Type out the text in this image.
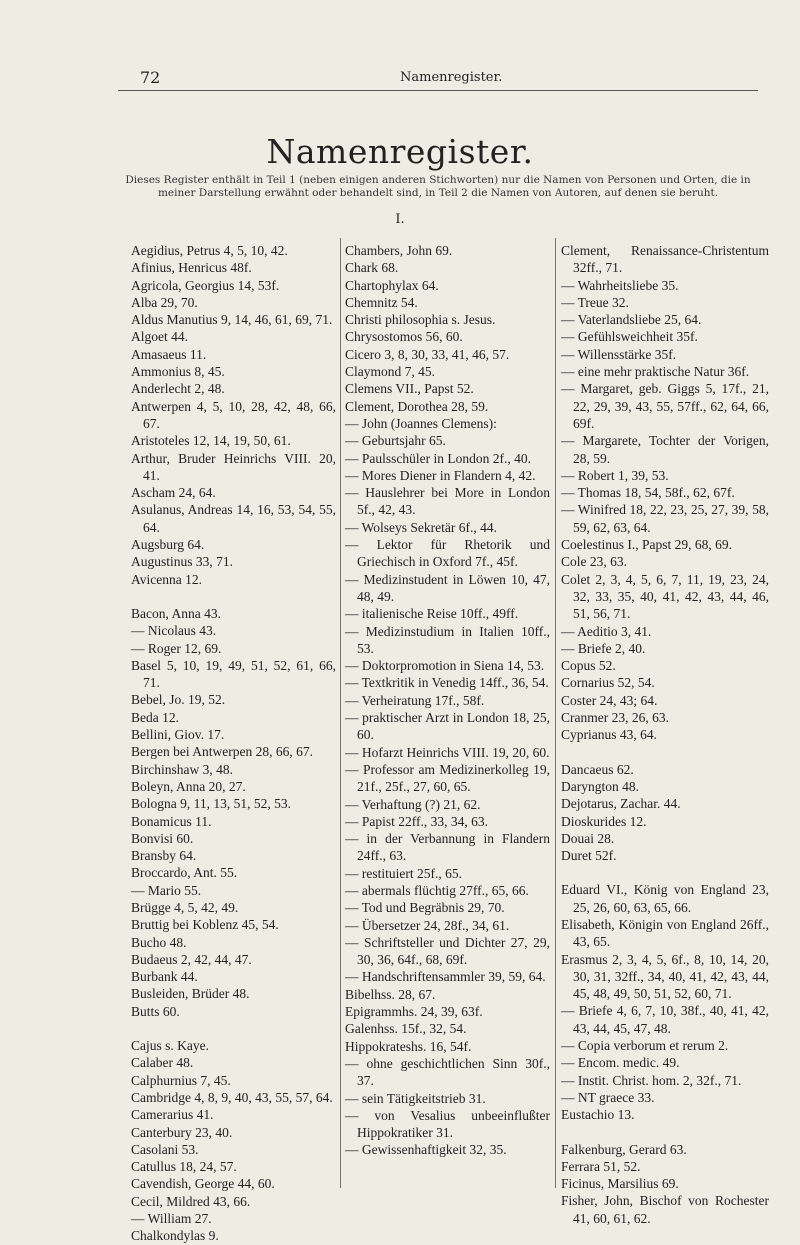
72	Namenregister.
Namenregister.
Dieses Register enthält in Teil 1 (neben einigen anderen Stichworten) nur die Namen von Personen und Orten, die in meiner Darstellung erwähnt oder behandelt sind, in Teil 2 die Namen von Autoren, auf denen sie beruht.
I.
Aegidius, Petrus 4, 5, 10, 42.
Afinius, Henricus 48f.
Agricola, Georgius 14, 53f.
Alba 29, 70.
Aldus Manutius 9, 14, 46, 61, 69, 71.
Algoet 44.
Amasaeus 11.
Ammonius 8, 45.
Anderlecht 2, 48.
Antwerpen 4, 5, 10, 28, 42, 48, 66, 67.
Aristoteles 12, 14, 19, 50, 61.
Arthur, Bruder Heinrichs VIII. 20, 41.
Ascham 24, 64.
Asulanus, Andreas 14, 16, 53, 54, 55, 64.
Augsburg 64.
Augustinus 33, 71.
Avicenna 12.
Bacon, Anna 43.
— Nicolaus 43.
— Roger 12, 69.
Basel 5, 10, 19, 49, 51, 52, 61, 66, 71.
Bebel, Jo. 19, 52.
Beda 12.
Bellini, Giov. 17.
Bergen bei Antwerpen 28, 66, 67.
Birchinshaw 3, 48.
Boleyn, Anna 20, 27.
Bologna 9, 11, 13, 51, 52, 53.
Bonamicus 11.
Bonvisi 60.
Bransby 64.
Broccardo, Ant. 55.
— Mario 55.
Brügge 4, 5, 42, 49.
Bruttig bei Koblenz 45, 54.
Bucho 48.
Budaeus 2, 42, 44, 47.
Burbank 44.
Busleiden, Brüder 48.
Butts 60.
Cajus s. Kaye.
Calaber 48.
Calphurnius 7, 45.
Cambridge 4, 8, 9, 40, 43, 55, 57, 64.
Camerarius 41.
Canterbury 23, 40.
Casolani 53.
Catullus 18, 24, 57.
Cavendish, George 44, 60.
Cecil, Mildred 43, 66.
— William 27.
Chalkondylas 9.
Chambers, John 69.
Chark 68.
Chartophylax 64.
Chemnitz 54.
Christi philosophia s. Jesus.
Chrysostomos 56, 60.
Cicero 3, 8, 30, 33, 41, 46, 57.
Claymond 7, 45.
Clemens VII., Papst 52.
Clement, Dorothea 28, 59.
— John (Joannes Clemens):
— Geburtsjahr 65.
— Paulsschüler in London 2f., 40.
— Mores Diener in Flandern 4, 42.
— Hauslehrer bei More in London 5f., 42, 43.
— Wolseys Sekretär 6f., 44.
— Lektor für Rhetorik und Griechisch in Oxford 7f., 45f.
— Medizinstudent in Löwen 10, 47, 48, 49.
— italienische Reise 10ff., 49ff.
— Medizinstudium in Italien 10ff., 53.
— Doktorpromotion in Siena 14, 53.
— Textkritik in Venedig 14ff., 36, 54.
— Verheiratung 17f., 58f.
— praktischer Arzt in London 18, 25, 60.
— Hofarzt Heinrichs VIII. 19, 20, 60.
— Professor am Medizinerkolleg 19, 21f., 25f., 27, 60, 65.
— Verhaftung (?) 21, 62.
— Papist 22ff., 33, 34, 63.
— in der Verbannung in Flandern 24ff., 63.
— restituiert 25f., 65.
— abermals flüchtig 27ff., 65, 66.
— Tod und Begräbnis 29, 70.
— Übersetzer 24, 28f., 34, 61.
— Schriftsteller und Dichter 27, 29, 30, 36, 64f., 68, 69f.
— Handschriftensammler 39, 59, 64.
Bibelhss. 28, 67.
Epigrammhs. 24, 39, 63f.
Galenhss. 15f., 32, 54.
Hippokrateshs. 16, 54f.
— ohne geschichtlichen Sinn 30f., 37.
— sein Tätigkeitstrieb 31.
— von Vesalius unbeeinflußter Hippokratiker 31.
— Gewissenhaftigkeit 32, 35.
Clement, Renaissance-Christentum 32ff., 71.
— Wahrheitsliebe 35.
— Treue 32.
— Vaterlandsliebe 25, 64.
— Gefühlsweichheit 35f.
— Willensstärke 35f.
— eine mehr praktische Natur 36f.
— Margaret, geb. Giggs 5, 17f., 21, 22, 29, 39, 43, 55, 57ff., 62, 64, 66, 69f.
— Margarete, Tochter der Vorigen, 28, 59.
— Robert 1, 39, 53.
— Thomas 18, 54, 58f., 62, 67f.
— Winifred 18, 22, 23, 25, 27, 39, 58, 59, 62, 63, 64.
Coelestinus I., Papst 29, 68, 69.
Cole 23, 63.
Colet 2, 3, 4, 5, 6, 7, 11, 19, 23, 24, 32, 33, 35, 40, 41, 42, 43, 44, 46, 51, 56, 71.
— Aeditio 3, 41.
— Briefe 2, 40.
Copus 52.
Cornarius 52, 54.
Coster 24, 43; 64.
Cranmer 23, 26, 63.
Cyprianus 43, 64.
Dancaeus 62.
Daryngton 48.
Dejotarus, Zachar. 44.
Dioskurides 12.
Douai 28.
Duret 52f.
Eduard VI., König von England 23, 25, 26, 60, 63, 65, 66.
Elisabeth, Königin von England 26ff., 43, 65.
Erasmus 2, 3, 4, 5, 6f., 8, 10, 14, 20, 30, 31, 32ff., 34, 40, 41, 42, 43, 44, 45, 48, 49, 50, 51, 52, 60, 71.
— Briefe 4, 6, 7, 10, 38f., 40, 41, 42, 43, 44, 45, 47, 48.
— Copia verborum et rerum 2.
— Encom. medic. 49.
— Instit. Christ. hom. 2, 32f., 71.
— NT graece 33.
Eustachio 13.
Falkenburg, Gerard 63.
Ferrara 51, 52.
Ficinus, Marsilius 69.
Fisher, John, Bischof von Rochester 41, 60, 61, 62.
